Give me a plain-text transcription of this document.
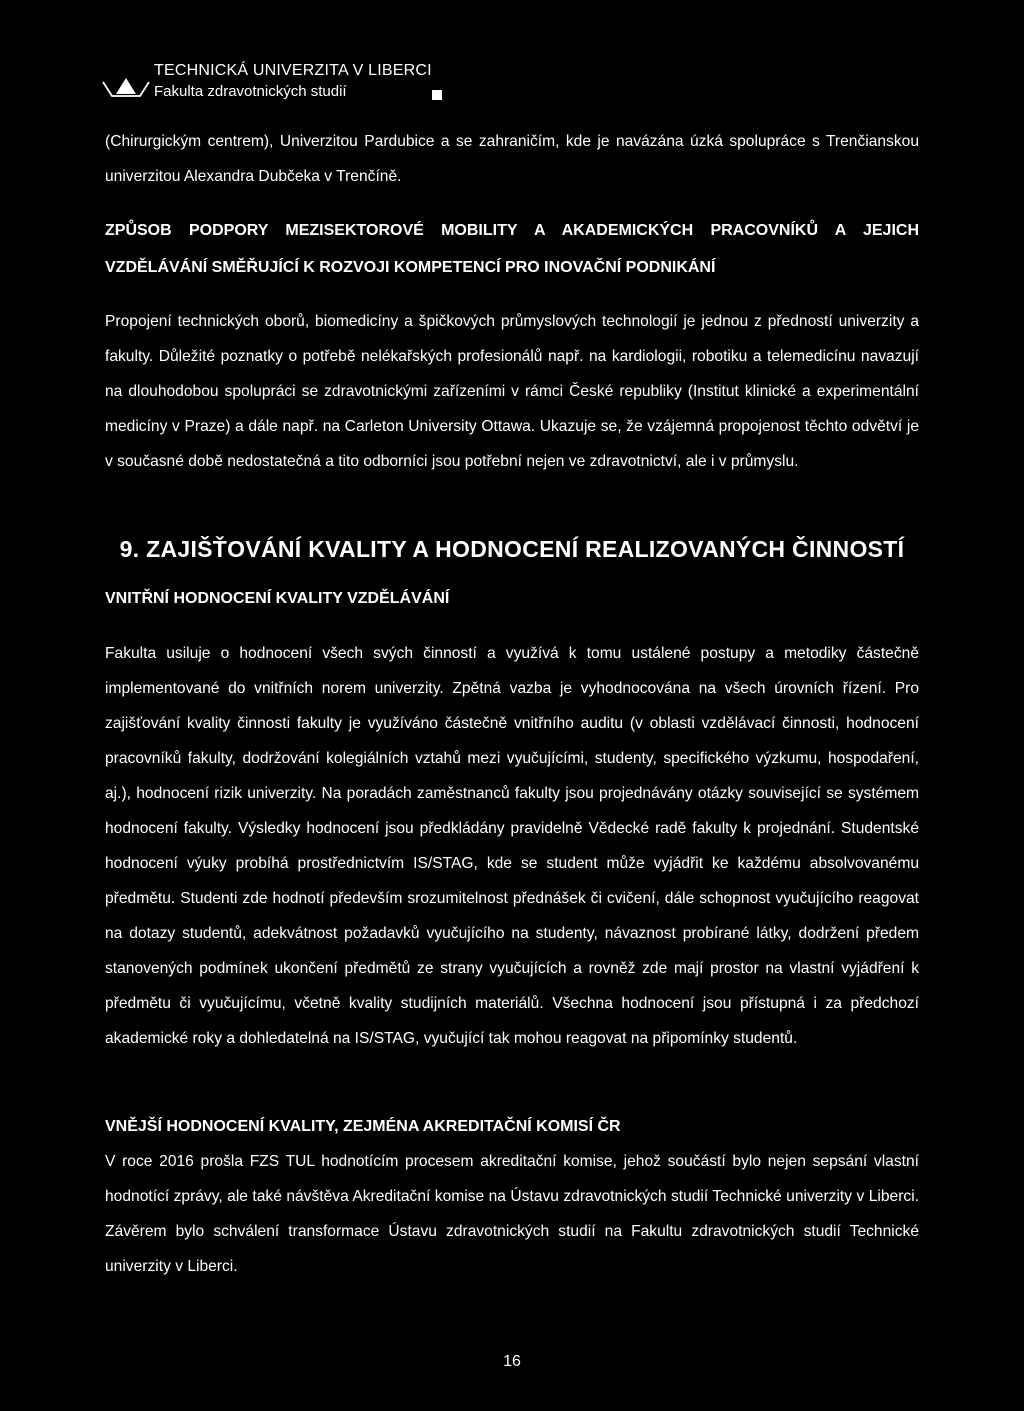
TECHNICKÁ UNIVERZITA V LIBERCI
Fakulta zdravotnických studií

(Chirurgickým centrem), Univerzitou Pardubice a se zahraničím, kde je navázána úzká spolupráce s Trenčianskou univerzitou Alexandra Dubčeka v Trenčíně.

ZPŮSOB PODPORY MEZISEKTOROVÉ MOBILITY A AKADEMICKÝCH PRACOVNÍKŮ A JEJICH VZDĚLÁVÁNÍ SMĚŘUJÍCÍ K ROZVOJI KOMPETENCÍ PRO INOVAČNÍ PODNIKÁNÍ

Propojení technických oborů, biomedicíny a špičkových průmyslových technologií je jednou z předností univerzity a fakulty. Důležité poznatky o potřebě nelékařských profesionálů např. na kardiologii, robotiku a telemedicínu navazují na dlouhodobou spolupráci se zdravotnickými zařízeními v rámci České republiky (Institut klinické a experimentální medicíny v Praze) a dále např. na Carleton University Ottawa. Ukazuje se, že vzájemná propojenost těchto odvětví je v současné době nedostatečná a tito odborníci jsou potřební nejen ve zdravotnictví, ale i v průmyslu.

9. ZAJIŠŤOVÁNÍ KVALITY A HODNOCENÍ REALIZOVANÝCH ČINNOSTÍ
VNITŘNÍ HODNOCENÍ KVALITY VZDĚLÁVÁNÍ

Fakulta usiluje o hodnocení všech svých činností a využívá k tomu ustálené postupy a metodiky částečně implementované do vnitřních norem univerzity. Zpětná vazba je vyhodnocována na všech úrovních řízení. Pro zajišťování kvality činnosti fakulty je využíváno částečně vnitřního auditu (v oblasti vzdělávací činnosti, hodnocení pracovníků fakulty, dodržování kolegiálních vztahů mezi vyučujícími, studenty, specifického výzkumu, hospodaření, aj.), hodnocení rizik univerzity. Na poradách zaměstnanců fakulty jsou projednávány otázky související se systémem hodnocení fakulty. Výsledky hodnocení jsou předkládány pravidelně Vědecké radě fakulty k projednání. Studentské hodnocení výuky probíhá prostřednictvím IS/STAG, kde se student může vyjádřit ke každému absolvovanému předmětu. Studenti zde hodnotí především srozumitelnost přednášek či cvičení, dále schopnost vyučujícího reagovat na dotazy studentů, adekvátnost požadavků vyučujícího na studenty, návaznost probírané látky, dodržení předem stanovených podmínek ukončení předmětů ze strany vyučujících a rovněž zde mají prostor na vlastní vyjádření k předmětu či vyučujícímu, včetně kvality studijních materiálů. Všechna hodnocení jsou přístupná i za předchozí akademické roky a dohledatelná na IS/STAG, vyučující tak mohou reagovat na připomínky studentů.

VNĚJŠÍ HODNOCENÍ KVALITY, ZEJMÉNA AKREDITAČNÍ KOMISÍ ČR

V roce 2016 prošla FZS TUL hodnotícím procesem akreditační komise, jehož součástí bylo nejen sepsání vlastní hodnotící zprávy, ale také návštěva Akreditační komise na Ústavu zdravotnických studií Technické univerzity v Liberci. Závěrem bylo schválení transformace Ústavu zdravotnických studií na Fakultu zdravotnických studií Technické univerzity v Liberci.

16
